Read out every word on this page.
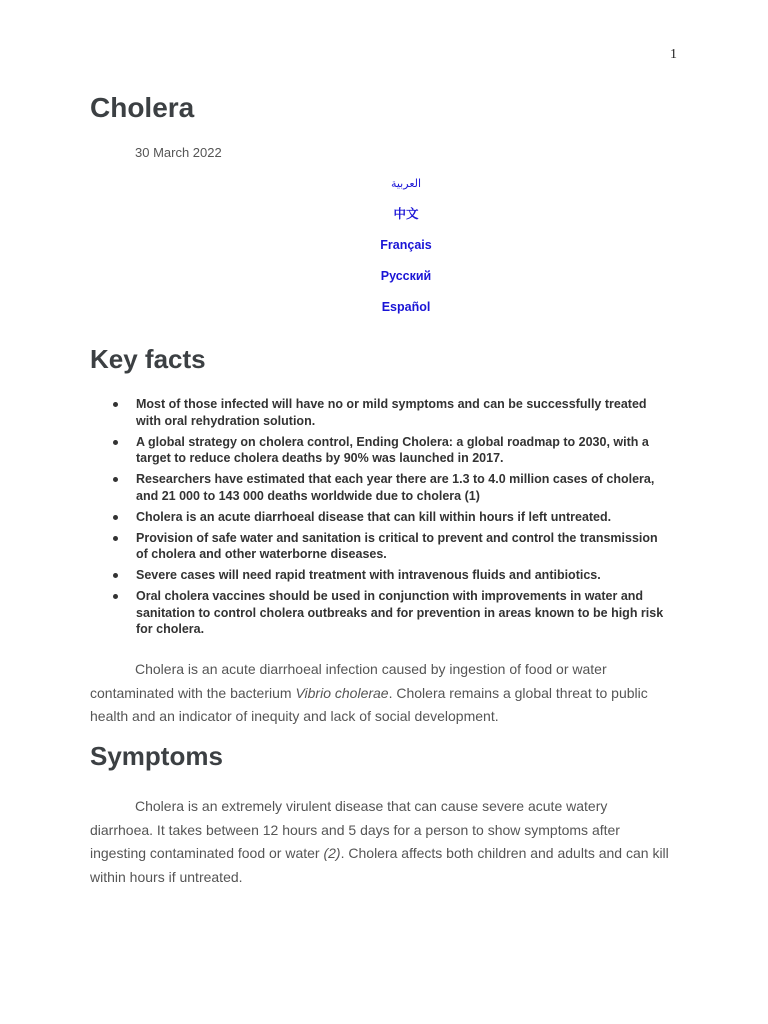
1
Cholera
30 March 2022
العربية
中文
Français
Русский
Español
Key facts
Most of those infected will have no or mild symptoms and can be successfully treated with oral rehydration solution.
A global strategy on cholera control, Ending Cholera: a global roadmap to 2030, with a target to reduce cholera deaths by 90% was launched in 2017.
Researchers have estimated that each year there are 1.3 to 4.0 million cases of cholera, and 21 000 to 143 000 deaths worldwide due to cholera (1)
Cholera is an acute diarrhoeal disease that can kill within hours if left untreated.
Provision of safe water and sanitation is critical to prevent and control the transmission of cholera and other waterborne diseases.
Severe cases will need rapid treatment with intravenous fluids and antibiotics.
Oral cholera vaccines should be used in conjunction with improvements in water and sanitation to control cholera outbreaks and for prevention in areas known to be high risk for cholera.

Cholera is an acute diarrhoeal infection caused by ingestion of food or water contaminated with the bacterium Vibrio cholerae. Cholera remains a global threat to public health and an indicator of inequity and lack of social development.

Symptoms

Cholera is an extremely virulent disease that can cause severe acute watery diarrhoea. It takes between 12 hours and 5 days for a person to show symptoms after ingesting contaminated food or water (2). Cholera affects both children and adults and can kill within hours if untreated.
